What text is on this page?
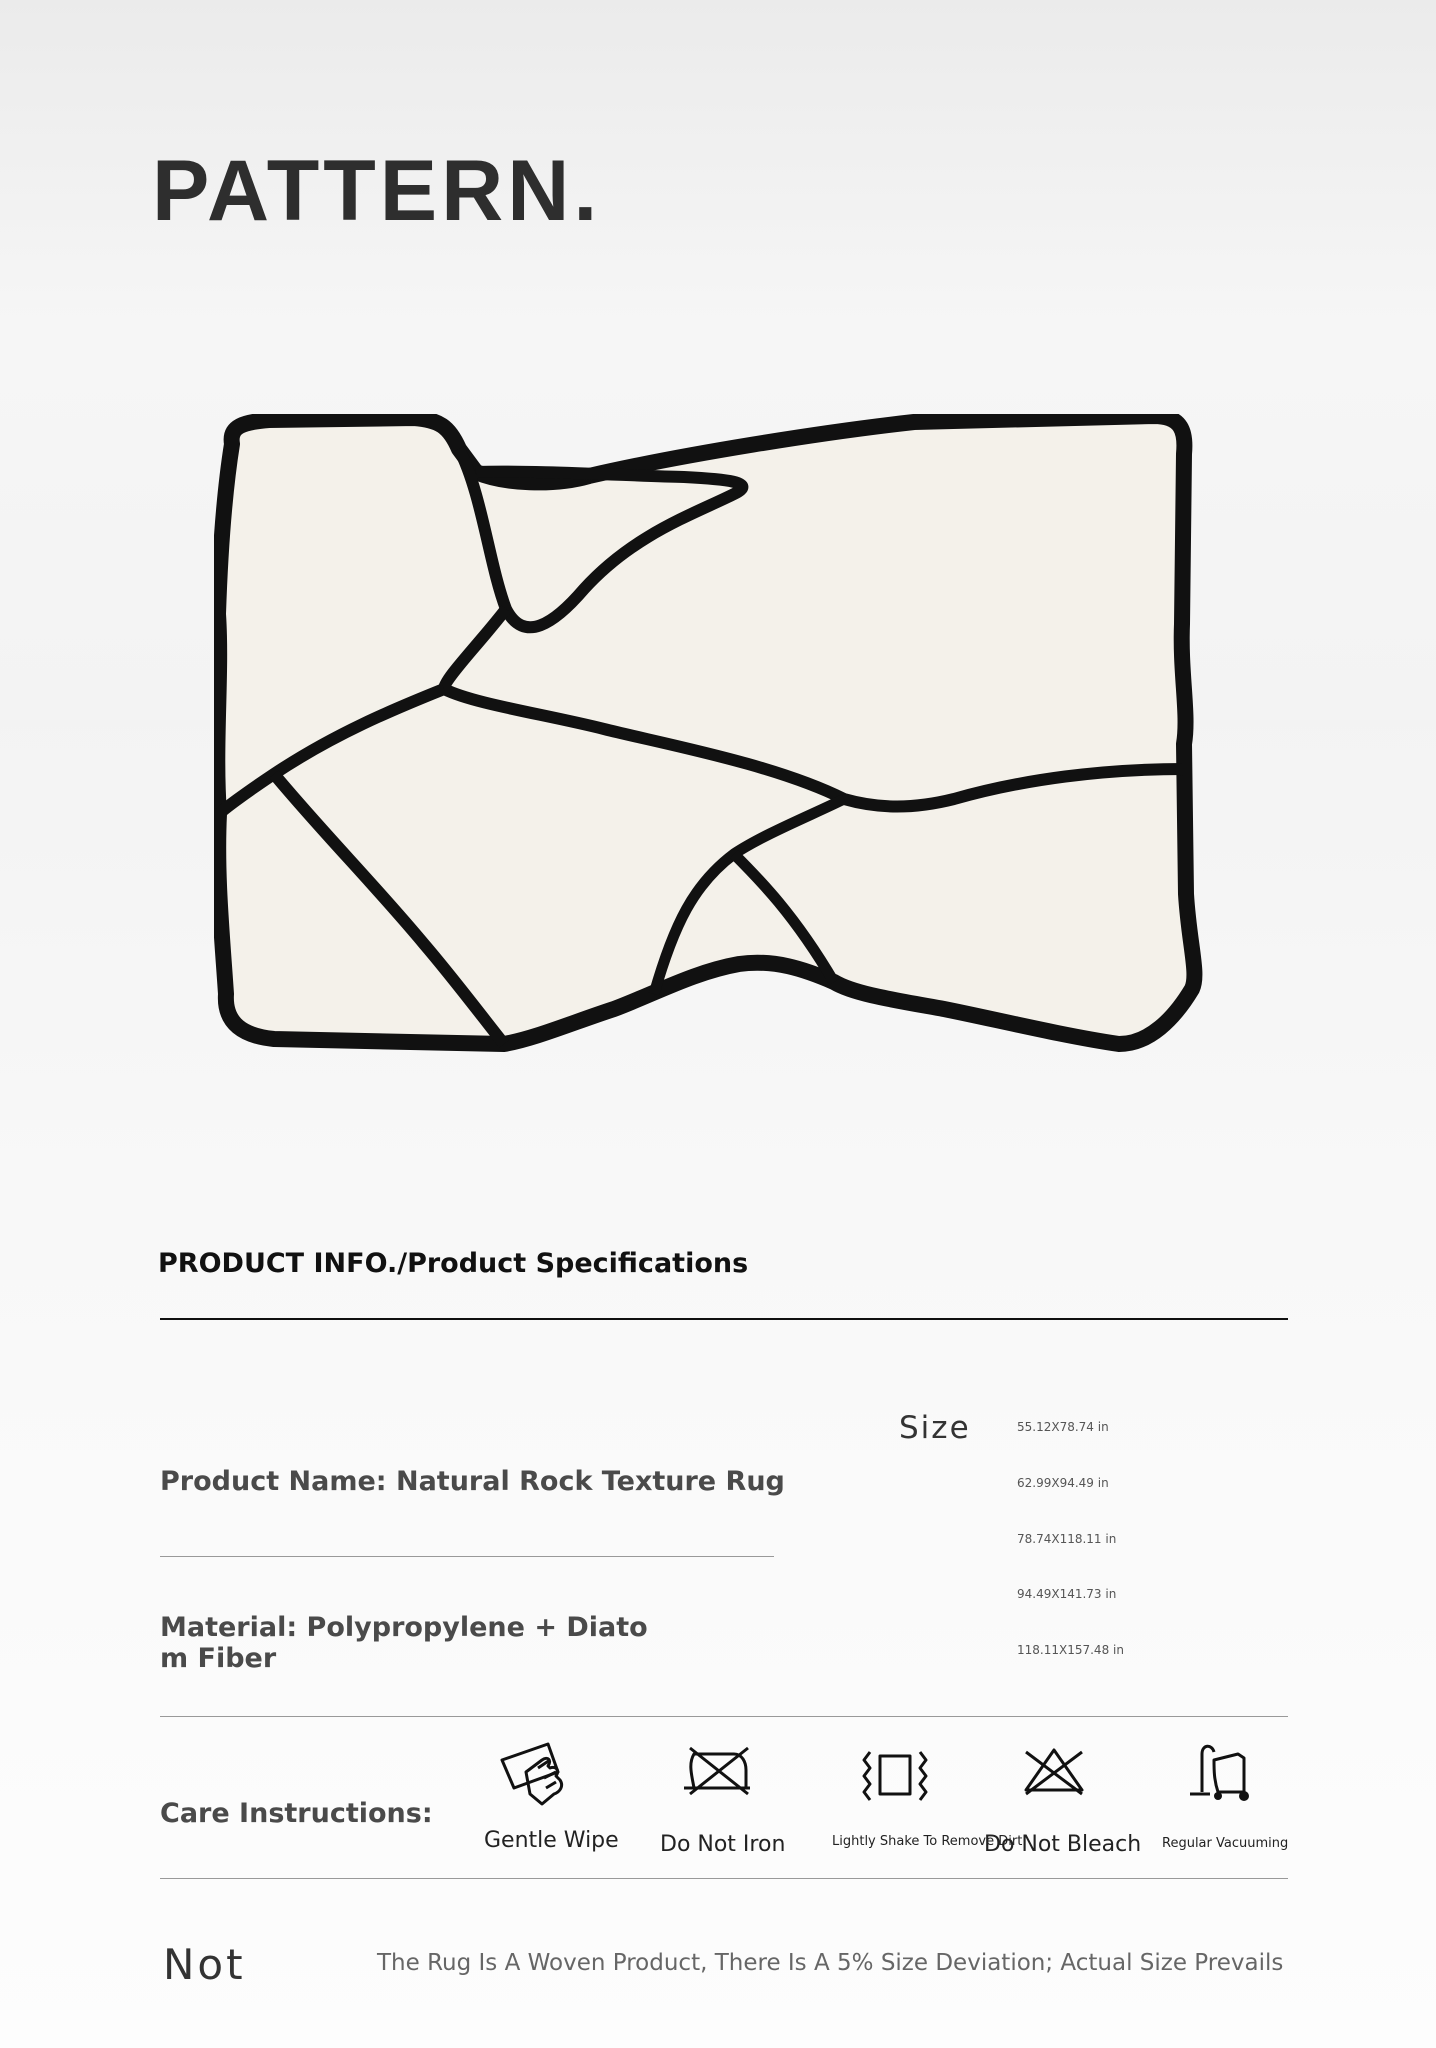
PATTERN.
PRODUCT INFO./Product Specifications
Size	55.12X78.74 in
62.99X94.49 in
78.74X118.11 in
94.49X141.73 in
118.11X157.48 in
Product Name: Natural Rock Texture Rug
Material: Polypropylene + Diato
m Fiber
Care Instructions:
Gentle Wipe Do Not Iron	Lightly Shake To Remove Dirt
Do Not Bleach Regular Vacuuming
Not	The Rug Is A Woven Product, There Is A 5% Size Deviation; Actual Size Prevails
